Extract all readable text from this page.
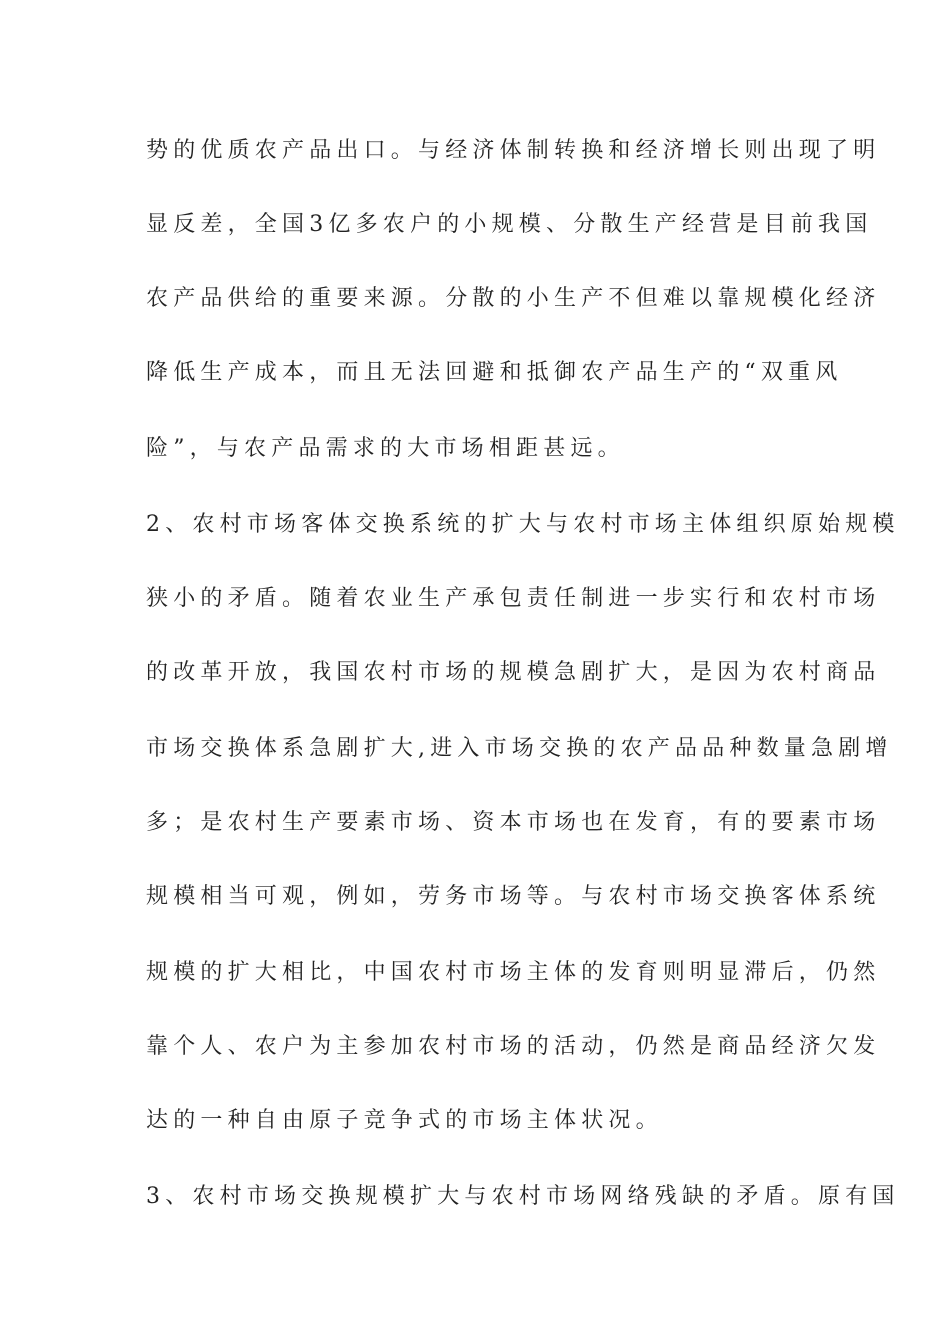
势的优质农产品出口。与经济体制转换和经济增长则出现了明
显反差，全国3亿多农户的小规模、分散生产经营是目前我国
农产品供给的重要来源。分散的小生产不但难以靠规模化经济
降低生产成本，而且无法回避和抵御农产品生产的“双重风
险”，与农产品需求的大市场相距甚远。
2、农村市场客体交换系统的扩大与农村市场主体组织原始规模
狭小的矛盾。随着农业生产承包责任制进一步实行和农村市场
的改革开放，我国农村市场的规模急剧扩大，是因为农村商品
市场交换体系急剧扩大,进入市场交换的农产品品种数量急剧增
多；是农村生产要素市场、资本市场也在发育，有的要素市场
规模相当可观，例如，劳务市场等。与农村市场交换客体系统
规模的扩大相比，中国农村市场主体的发育则明显滞后，仍然
靠个人、农户为主参加农村市场的活动，仍然是商品经济欠发
达的一种自由原子竞争式的市场主体状况。
3、农村市场交换规模扩大与农村市场网络残缺的矛盾。原有国
